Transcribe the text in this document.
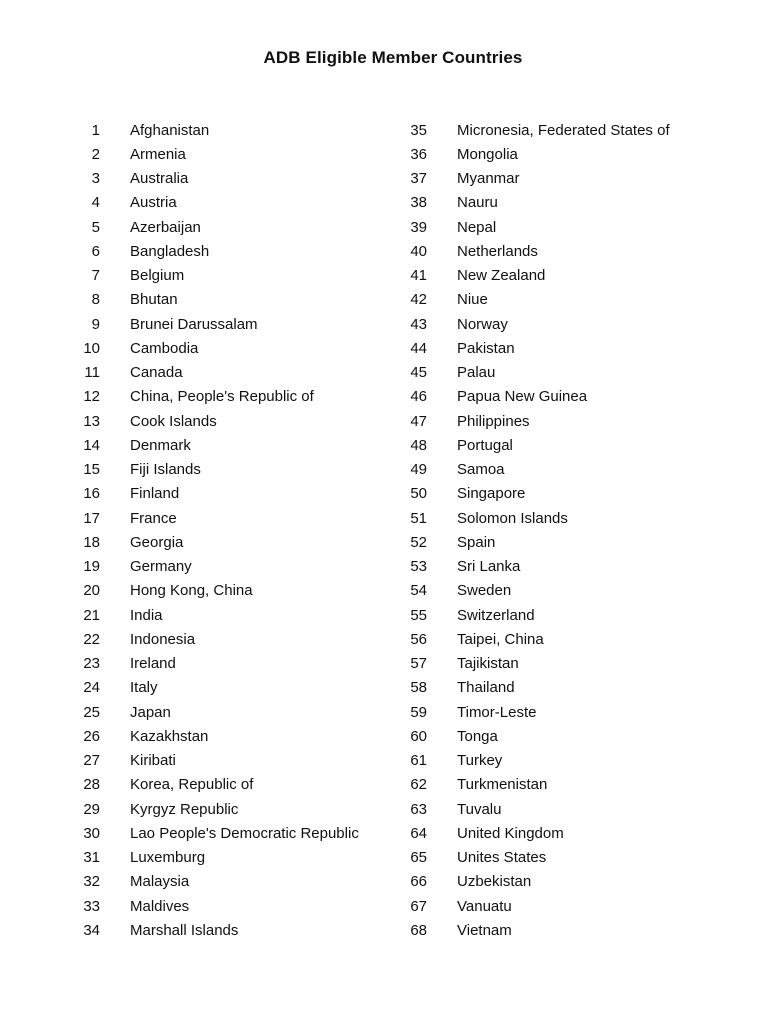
ADB Eligible Member Countries
1 Afghanistan
2 Armenia
3 Australia
4 Austria
5 Azerbaijan
6 Bangladesh
7 Belgium
8 Bhutan
9 Brunei Darussalam
10 Cambodia
11 Canada
12 China, People's Republic of
13 Cook Islands
14 Denmark
15 Fiji Islands
16 Finland
17 France
18 Georgia
19 Germany
20 Hong Kong, China
21 India
22 Indonesia
23 Ireland
24 Italy
25 Japan
26 Kazakhstan
27 Kiribati
28 Korea, Republic of
29 Kyrgyz Republic
30 Lao People's Democratic Republic
31 Luxemburg
32 Malaysia
33 Maldives
34 Marshall Islands
35 Micronesia, Federated States of
36 Mongolia
37 Myanmar
38 Nauru
39 Nepal
40 Netherlands
41 New Zealand
42 Niue
43 Norway
44 Pakistan
45 Palau
46 Papua New Guinea
47 Philippines
48 Portugal
49 Samoa
50 Singapore
51 Solomon Islands
52 Spain
53 Sri Lanka
54 Sweden
55 Switzerland
56 Taipei, China
57 Tajikistan
58 Thailand
59 Timor-Leste
60 Tonga
61 Turkey
62 Turkmenistan
63 Tuvalu
64 United Kingdom
65 Unites States
66 Uzbekistan
67 Vanuatu
68 Vietnam
